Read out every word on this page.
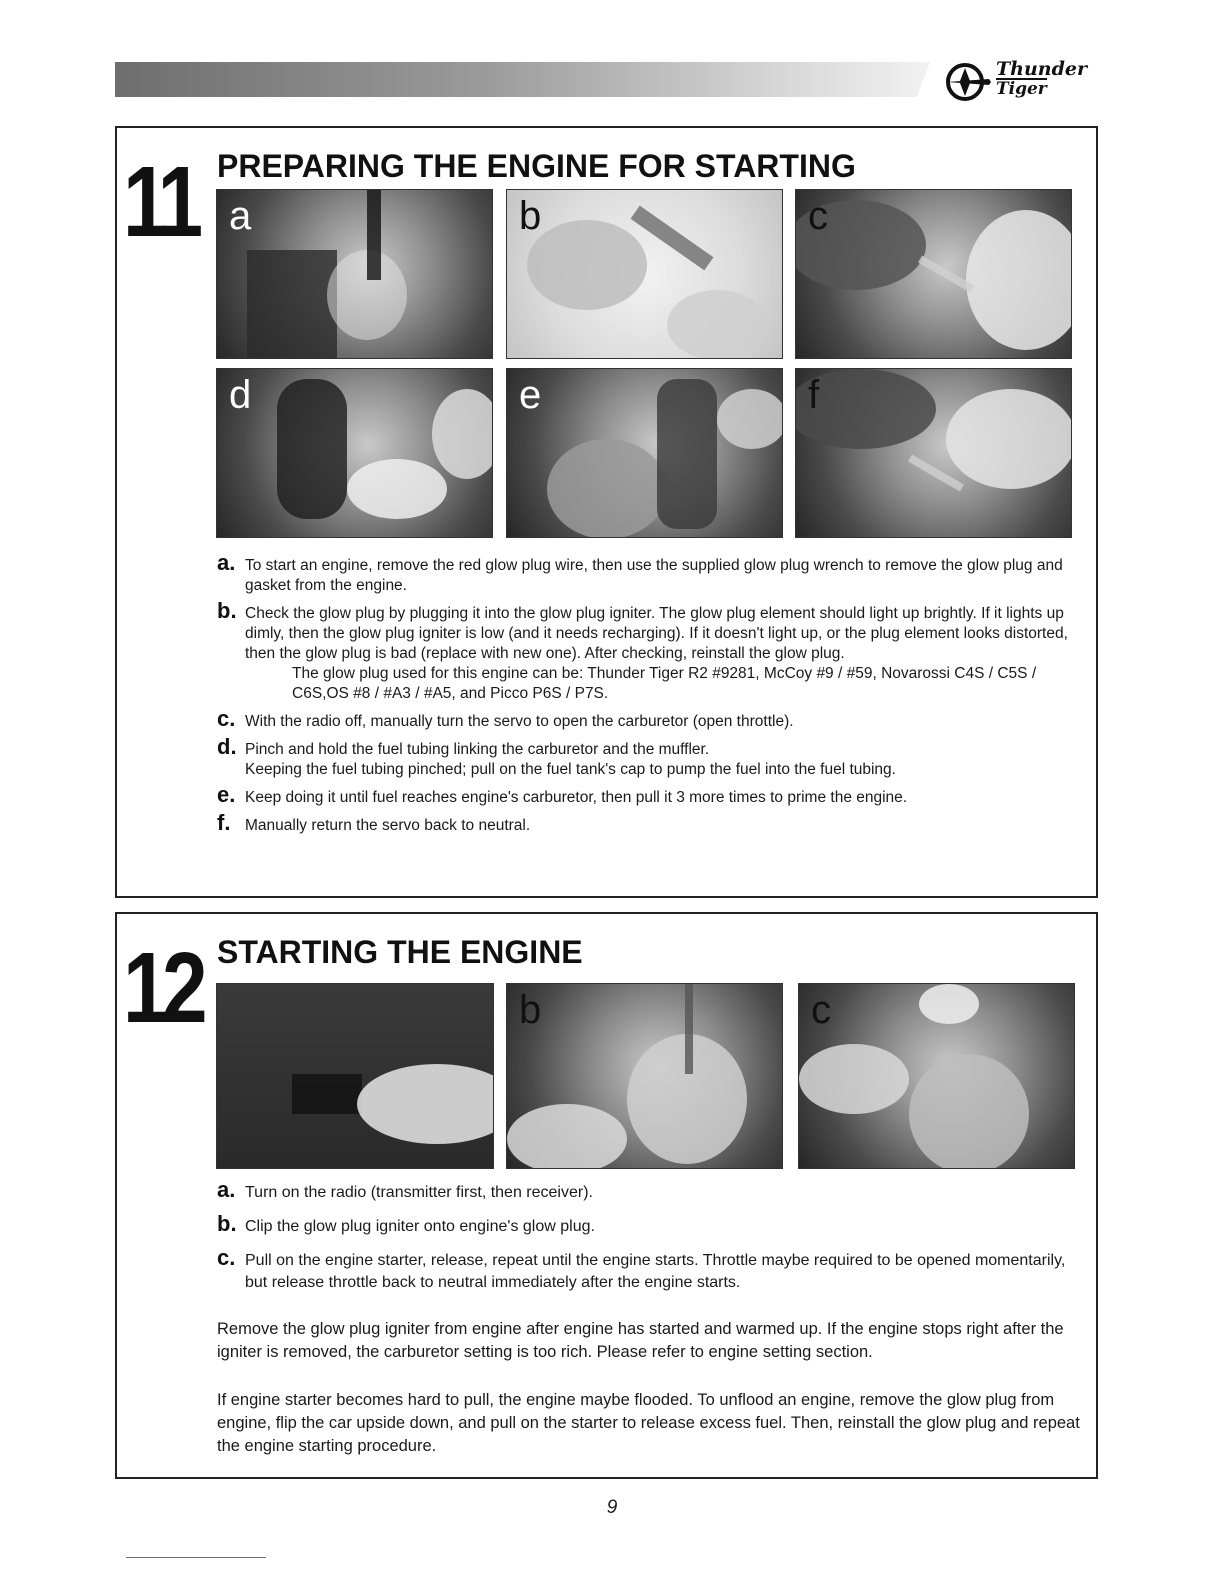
Thunder
Tiger
11 PREPARING THE ENGINE FOR STARTING
a	b	c
d	e	f
a. To start an engine, remove the red glow plug wire, then use the supplied glow plug wrench to remove the glow plug and gasket from the engine.
b. Check the glow plug by plugging it into the glow plug igniter. The glow plug element should light up brightly. If it lights up dimly, then the glow plug igniter is low (and it needs recharging). If it doesn't light up, or the plug element looks distorted, then the glow plug is bad (replace with new one). After checking, reinstall the glow plug.
The glow plug used for this engine can be: Thunder Tiger R2 #9281, McCoy #9 / #59, Novarossi C4S / C5S / C6S,OS #8 / #A3 / #A5, and Picco P6S / P7S.
c. With the radio off, manually turn the servo to open the carburetor (open throttle).
d. Pinch and hold the fuel tubing linking the carburetor and the muffler.
Keeping the fuel tubing pinched; pull on the fuel tank's cap to pump the fuel into the fuel tubing.
e. Keep doing it until fuel reaches engine's carburetor, then pull it 3 more times to prime the engine.
f. Manually return the servo back to neutral.
12 STARTING THE ENGINE
b	c
a. Turn on the radio (transmitter first, then receiver).
b. Clip the glow plug igniter onto engine's glow plug.
c. Pull on the engine starter, release, repeat until the engine starts. Throttle maybe required to be opened momentarily, but release throttle back to neutral immediately after the engine starts.
Remove the glow plug igniter from engine after engine has started and warmed up. If the engine stops right after the igniter is removed, the carburetor setting is too rich. Please refer to engine setting section.
If engine starter becomes hard to pull, the engine maybe flooded. To unflood an engine, remove the glow plug from engine, flip the car upside down, and pull on the starter to release excess fuel. Then, reinstall the glow plug and repeat the engine starting procedure.
9
